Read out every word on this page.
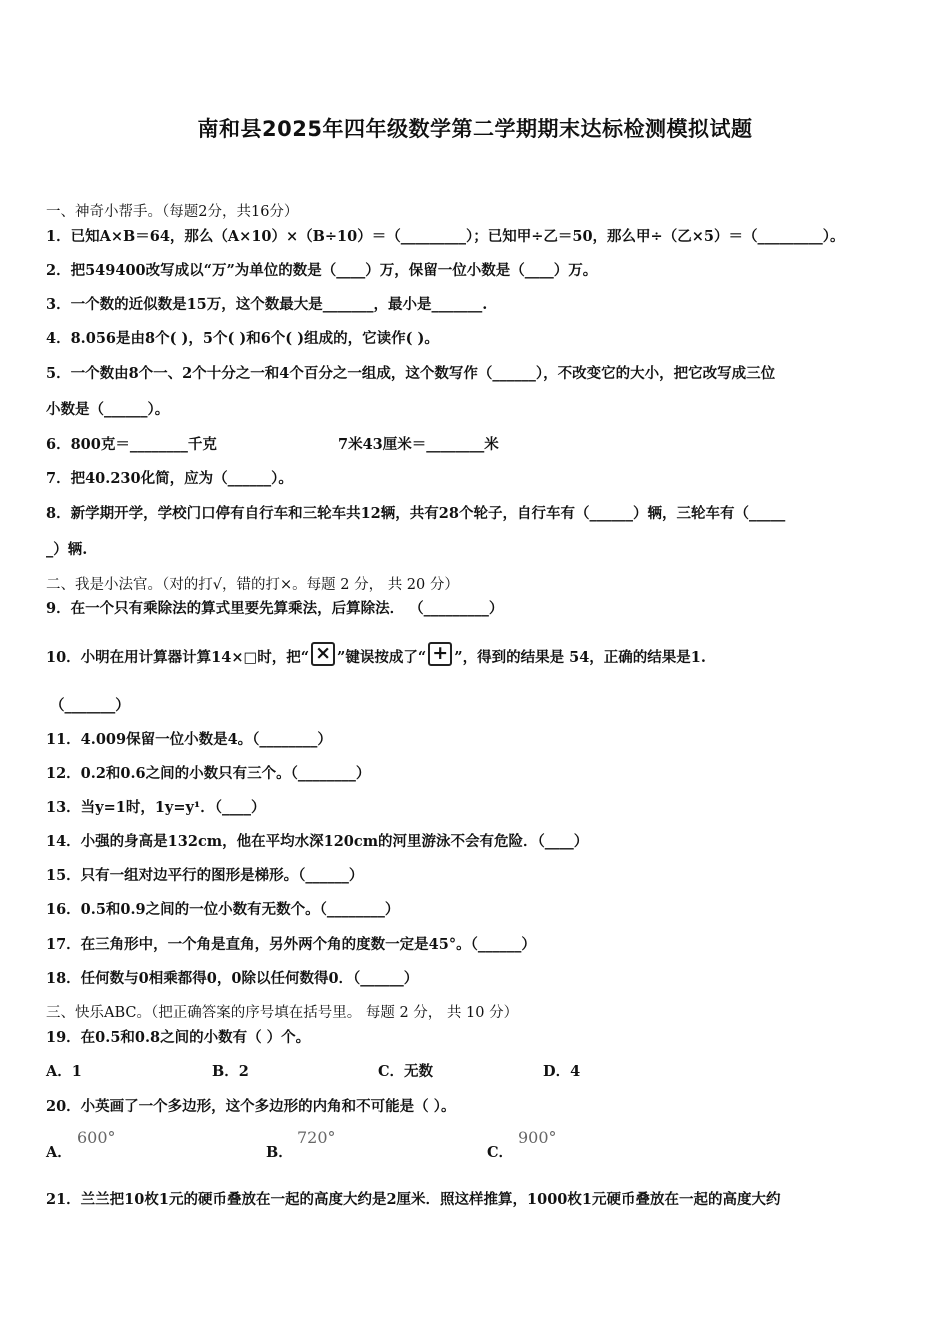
南和县2025年四年级数学第二学期期末达标检测模拟试题
一、神奇小帮手。（每题2分，共16分）
1．已知A×B＝64，那么（A×10）×（B÷10）＝（_________）；已知甲÷乙＝50，那么甲÷（乙×5）＝（_________）。
2．把549400改写成以“万”为单位的数是（____）万，保留一位小数是（____）万。
3．一个数的近似数是15万，这个数最大是_______，最小是_______.
4．8.056是由8个( )，5个( )和6个( )组成的，它读作( )。
5．一个数由8个一、2个十分之一和4个百分之一组成，这个数写作（______），不改变它的大小，把它改写成三位
小数是（______）。
6．800克＝________千克	7米43厘米＝________米
7．把40.230化简，应为（______）。
8．新学期开学，学校门口停有自行车和三轮车共12辆，共有28个轮子，自行车有（______）辆，三轮车有（_____
_）辆.
二、我是小法官。（对的打√，错的打×。每题 2 分， 共 20 分）
9．在一个只有乘除法的算式里要先算乘法，后算除法． （_________）
10．小明在用计算器计算14×□时，把“ × ”键误按成了“ + ”，得到的结果是 54，正确的结果是1.
（_______）
11．4.009保留一位小数是4。（________）
12．0.2和0.6之间的小数只有三个。（________）
13．当y=1时，1y=y¹．（____）
14．小强的身高是132cm，他在平均水深120cm的河里游泳不会有危险．（____）
15．只有一组对边平行的图形是梯形。（______）
16．0.5和0.9之间的一位小数有无数个。（________）
17．在三角形中，一个角是直角，另外两个角的度数一定是45°。（______）
18．任何数与0相乘都得0，0除以任何数得0．（______）
三、快乐ABC。（把正确答案的序号填在括号里。 每题 2 分， 共 10 分）
19．在0.5和0.8之间的小数有（ ）个。
A．1	B．2	C．无数	D．4
20．小英画了一个多边形，这个多边形的内角和不可能是（ ）。
A．
600°
B．
720°
C．
900°
21．兰兰把10枚1元的硬币叠放在一起的高度大约是2厘米．照这样推算，1000枚1元硬币叠放在一起的高度大约
